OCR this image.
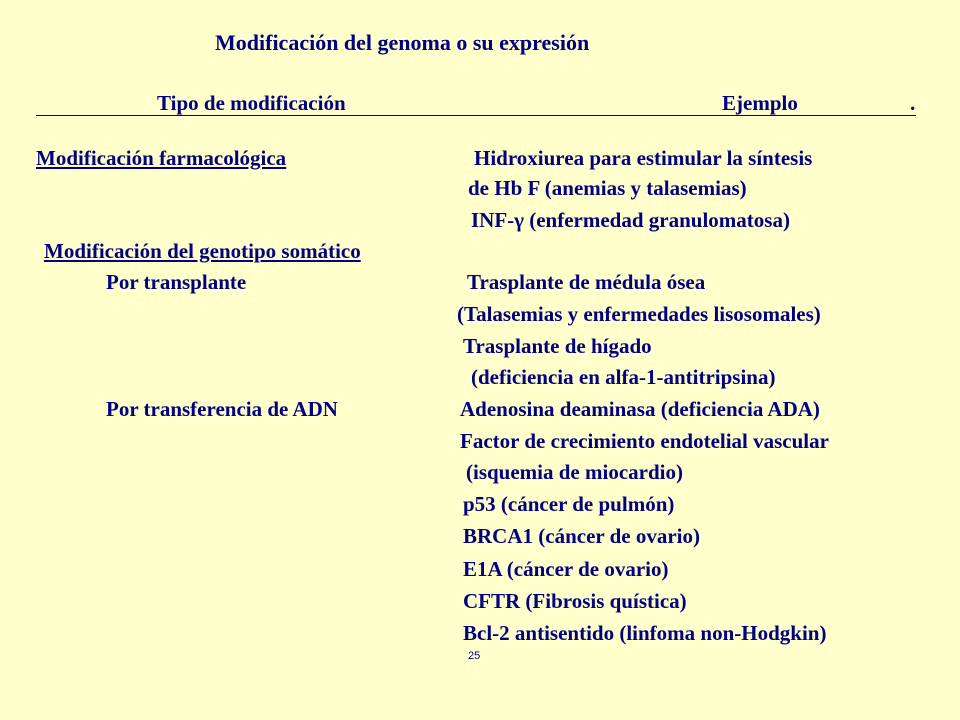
Modificación del genoma o su expresión
Tipo de modificación	Ejemplo	.
Modificación farmacológica	Hidroxiurea para estimular la síntesis
de Hb F (anemias y talasemias)
INF-γ (enfermedad granulomatosa)
Modificación del genotipo somático
Por transplante	Trasplante de médula ósea
(Talasemias y enfermedades lisosomales)
Trasplante de hígado
(deficiencia en alfa-1-antitripsina)
Por transferencia de ADN	Adenosina deaminasa (deficiencia ADA)
Factor de crecimiento endotelial vascular
(isquemia de miocardio)
p53 (cáncer de pulmón)
BRCA1 (cáncer de ovario)
E1A (cáncer de ovario)
CFTR (Fibrosis quística)
Bcl-2 antisentido (linfoma non-Hodgkin)
25
